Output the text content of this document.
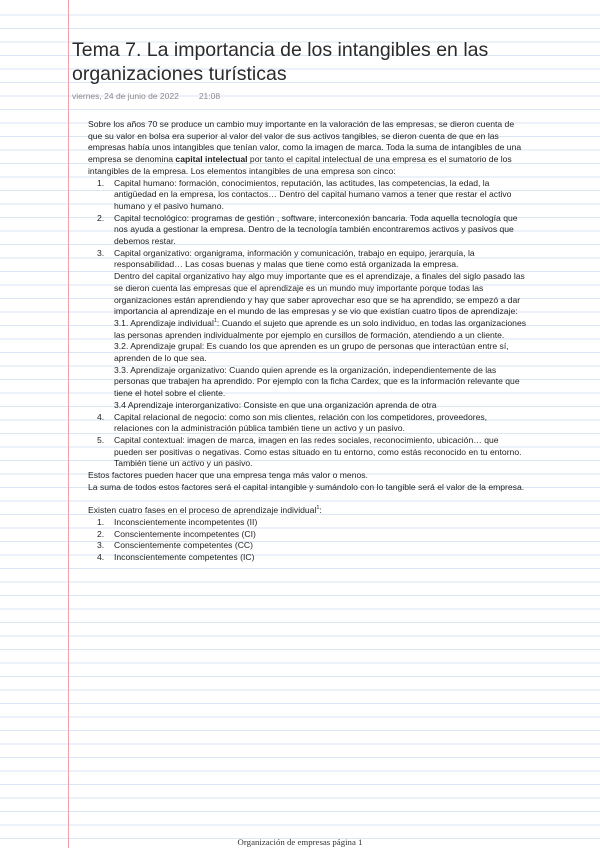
Tema 7. La importancia de los intangibles en las organizaciones turísticas
viernes, 24 de junio de 2022 21:08

Sobre los años 70 se produce un cambio muy importante en la valoración de las empresas, se dieron cuenta de que su valor en bolsa era superior al valor del valor de sus activos tangibles, se dieron cuenta de que en las empresas había unos intangibles que tenían valor, como la imagen de marca. Toda la suma de intangibles de una empresa se denomina capital intelectual por tanto el capital intelectual de una empresa es el sumatorio de los intangibles de la empresa. Los elementos intangibles de una empresa son cinco:

1. Capital humano: formación, conocimientos, reputación, las actitudes, las competencias, la edad, la antigüedad en la empresa, los contactos… Dentro del capital humano vamos a tener que restar el activo humano y el pasivo humano.
2. Capital tecnológico: programas de gestión , software, interconexión bancaria. Toda aquella tecnología que nos ayuda a gestionar la empresa. Dentro de la tecnología también encontraremos activos y pasivos que debemos restar.
3. Capital organizativo: organigrama, información y comunicación, trabajo en equipo, jerarquía, la responsabilidad… Las cosas buenas y malas que tiene como está organizada la empresa.

Dentro del capital organizativo hay algo muy importante que es el aprendizaje, a finales del siglo pasado las se dieron cuenta las empresas que el aprendizaje es un mundo muy importante porque todas las organizaciones están aprendiendo y hay que saber aprovechar eso que se ha aprendido, se empezó a dar importancia al aprendizaje en el mundo de las empresas y se vio que existían cuatro tipos de aprendizaje:

3.1. Aprendizaje individual$^1$: Cuando el sujeto que aprende es un solo individuo, en todas las organizaciones las personas aprenden individualmente por ejemplo en cursillos de formación, atendiendo a un cliente.

3.2. Aprendizaje grupal: Es cuando los que aprenden es un grupo de personas que interactúan entre sí, aprenden de lo que sea.

3.3. Aprendizaje organizativo: Cuando quien aprende es la organización, independientemente de las personas que trabajen ha aprendido. Por ejemplo con la ficha Cardex, que es la información relevante que tiene el hotel sobre el cliente.

3.4 Aprendizaje interorganizativo: Consiste en que una organización aprenda de otra

4. Capital relacional de negocio: como son mis clientes, relación con los competidores, proveedores, relaciones con la administración pública también tiene un activo y un pasivo.
5. Capital contextual: imagen de marca, imagen en las redes sociales, reconocimiento, ubicación… que pueden ser positivas o negativas. Como estas situado en tu entorno, como estás reconocido en tu entorno. También tiene un activo y un pasivo.

Estos factores pueden hacer que una empresa tenga más valor o menos.

La suma de todos estos factores será el capital intangible y sumándolo con lo tangible será el valor de la empresa.

Existen cuatro fases en el proceso de aprendizaje individual$^1$:

1. Inconscientemente incompetentes (II)
2. Conscientemente incompetentes (CI)
3. Conscientemente competentes (CC)
4. Inconscientemente competentes (IC)
Organización de empresas página 1
